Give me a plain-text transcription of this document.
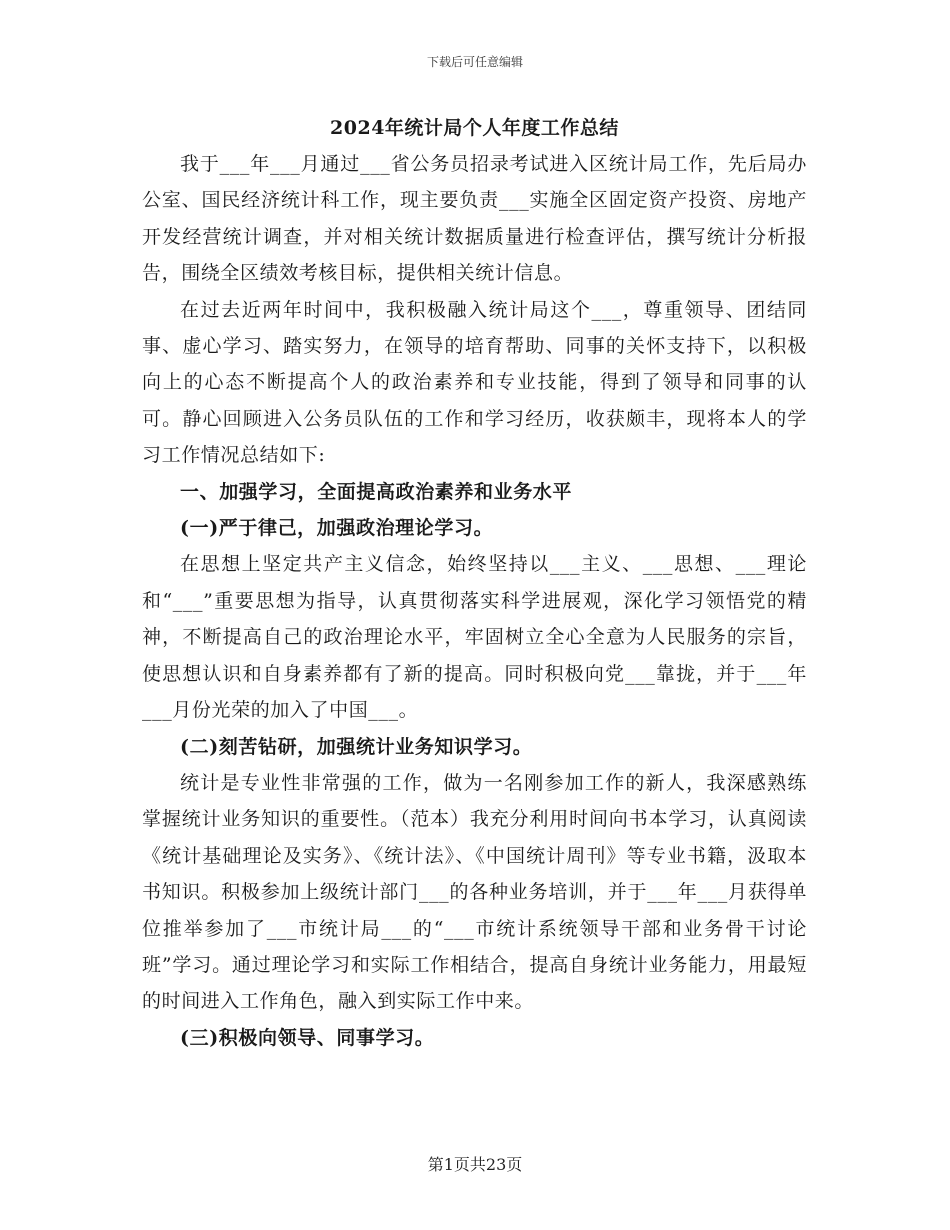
下载后可任意编辑
2024年统计局个人年度工作总结

我于___年___月通过___省公务员招录考试进入区统计局工作，先后局办公室、国民经济统计科工作，现主要负责___实施全区固定资产投资、房地产开发经营统计调查，并对相关统计数据质量进行检查评估，撰写统计分析报告，围绕全区绩效考核目标，提供相关统计信息。

在过去近两年时间中，我积极融入统计局这个___，尊重领导、团结同事、虚心学习、踏实努力，在领导的培育帮助、同事的关怀支持下，以积极向上的心态不断提高个人的政治素养和专业技能，得到了领导和同事的认可。静心回顾进入公务员队伍的工作和学习经历，收获颇丰，现将本人的学习工作情况总结如下:

一、加强学习，全面提高政治素养和业务水平

(一)严于律己，加强政治理论学习。

在思想上坚定共产主义信念，始终坚持以___主义、___思想、___理论和“___”重要思想为指导，认真贯彻落实科学进展观，深化学习领悟党的精神，不断提高自己的政治理论水平，牢固树立全心全意为人民服务的宗旨，使思想认识和自身素养都有了新的提高。同时积极向党___靠拢，并于___年___月份光荣的加入了中国___。

(二)刻苦钻研，加强统计业务知识学习。

统计是专业性非常强的工作，做为一名刚参加工作的新人，我深感熟练掌握统计业务知识的重要性。（范本）我充分利用时间向书本学习，认真阅读《统计基础理论及实务》、《统计法》、《中国统计周刊》等专业书籍，汲取本书知识。积极参加上级统计部门___的各种业务培训，并于___年___月获得单位推举参加了___市统计局___的“___市统计系统领导干部和业务骨干讨论班”学习。通过理论学习和实际工作相结合，提高自身统计业务能力，用最短的时间进入工作角色，融入到实际工作中来。

(三)积极向领导、同事学习。

第1页共23页
